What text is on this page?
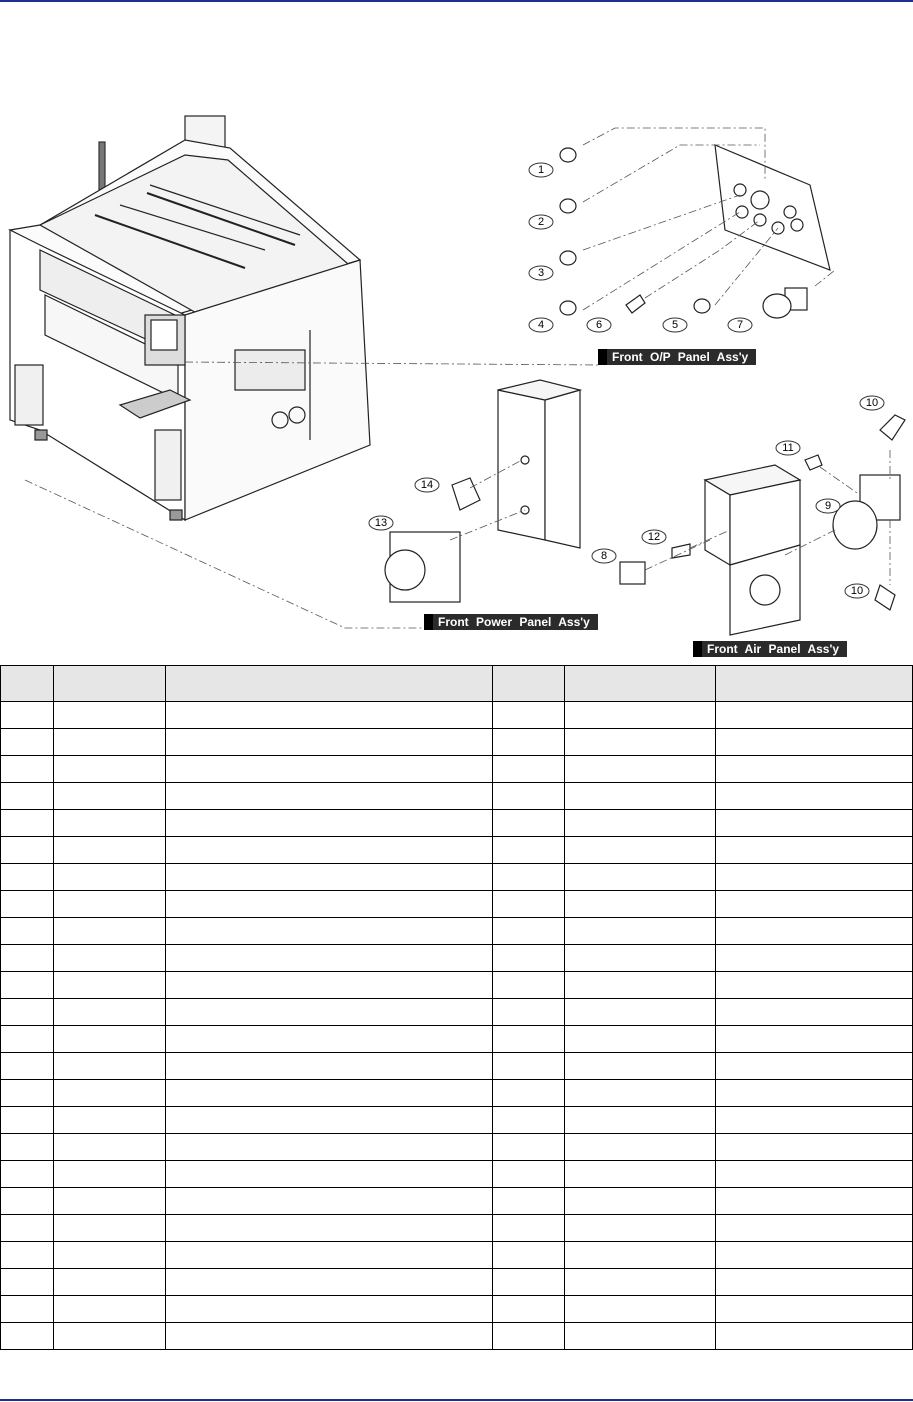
1
2
3
4	5
6	7
8
9
10
10
11
12
13
14
Front O/P Panel Ass'y
Front Power Panel Ass'y
Front Air Panel Ass'y
